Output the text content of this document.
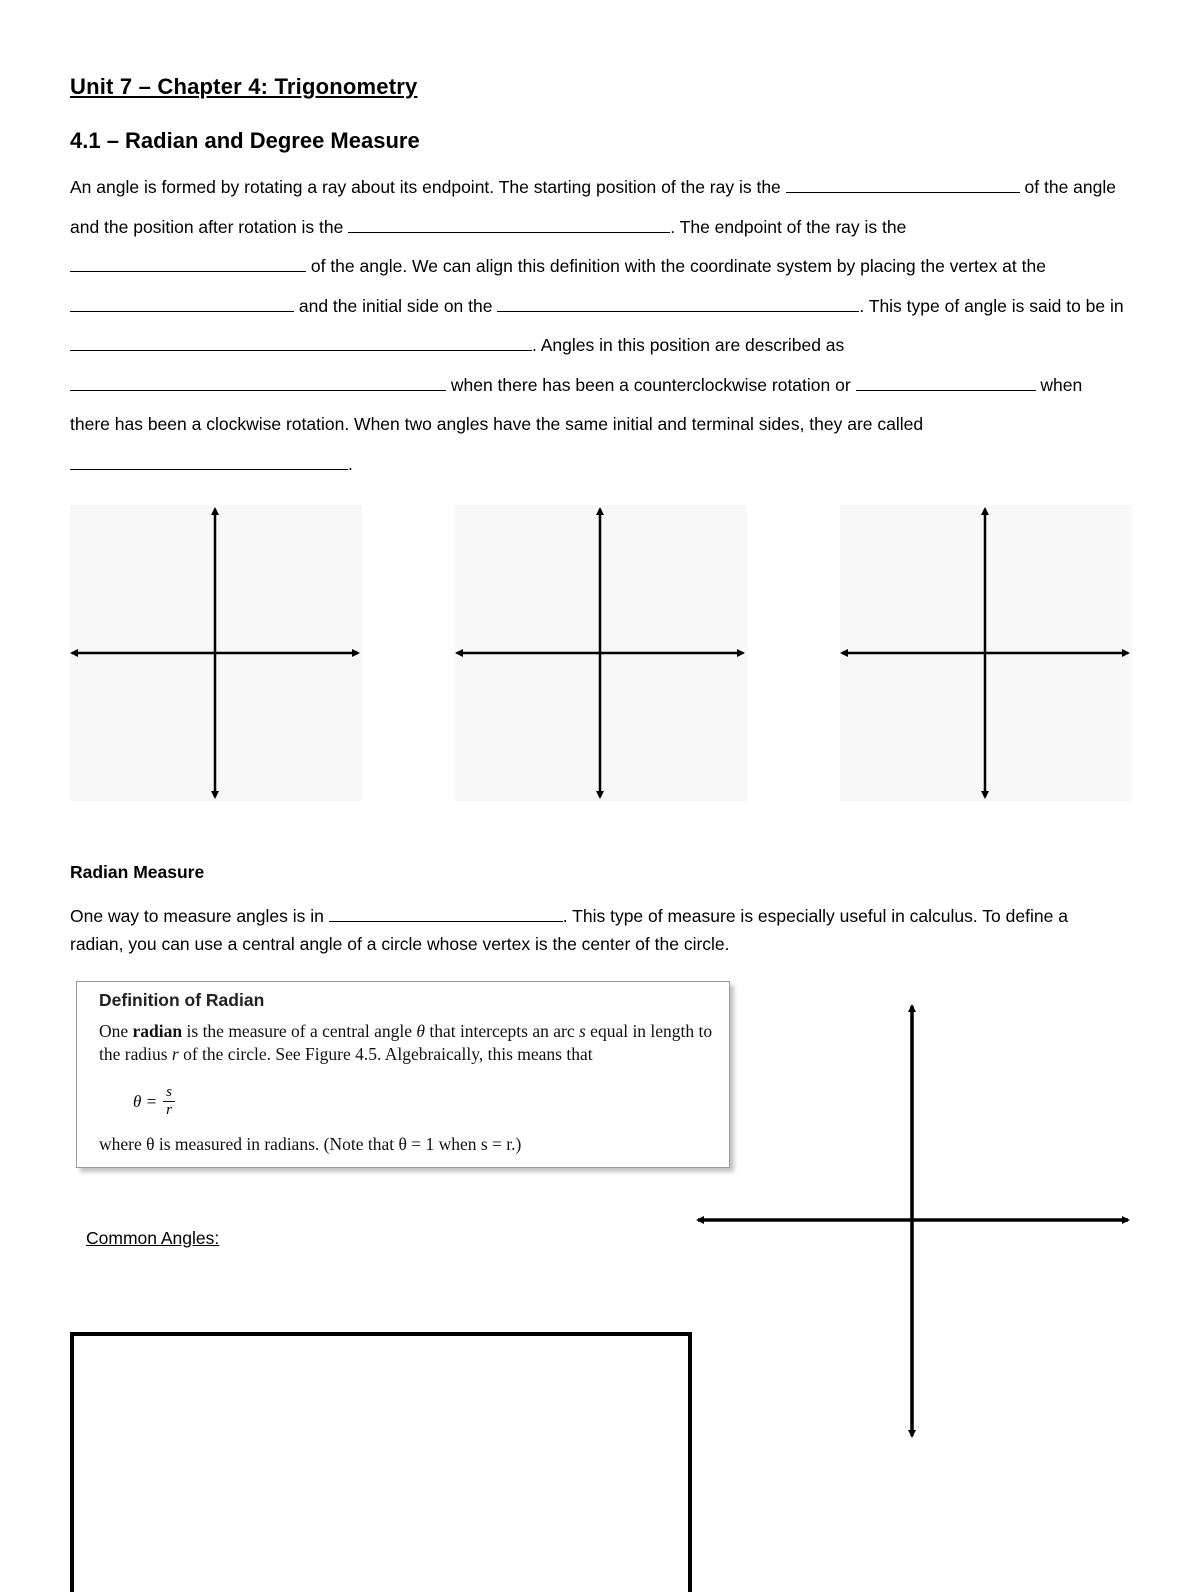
Unit 7 – Chapter 4: Trigonometry
4.1 – Radian and Degree Measure
An angle is formed by rotating a ray about its endpoint. The starting position of the ray is the	of the angle and the position after rotation is the	. The endpoint of the ray is the  of the angle. We can align this definition with the coordinate system by placing the vertex at the  and the initial side on the	. This type of angle is said to be in . Angles in this position are described as  when there has been a counterclockwise rotation or	when there has been a clockwise rotation. When two angles have the same initial and terminal sides, they are called .
Radian Measure
One way to measure angles is in	. This type of measure is especially useful in calculus. To define a radian, you can use a central angle of a circle whose vertex is the center of the circle.
Definition of Radian
One radian is the measure of a central angle θ that intercepts an arc s equal in length to the radius r of the circle. See Figure 4.5. Algebraically, this means that
$\theta = \frac{s}{r}$
where θ is measured in radians. (Note that θ = 1 when s = r.)
Common Angles:
